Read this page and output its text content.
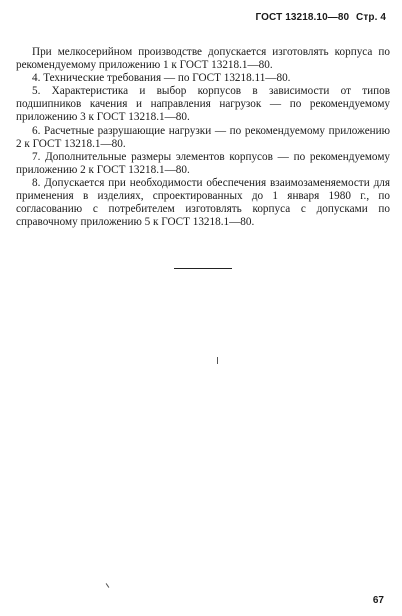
ГОСТ 13218.10—80 Стр. 4

При мелкосерийном производстве допускается изготовлять корпуса по рекомендуемому приложению 1 к ГОСТ 13218.1—80.

4. Технические требования — по ГОСТ 13218.11—80.

5. Характеристика и выбор корпусов в зависимости от типов подшипников качения и направления нагрузок — по рекомендуемому приложению 3 к ГОСТ 13218.1—80.

6. Расчетные разрушающие нагрузки — по рекомендуемому приложению 2 к ГОСТ 13218.1—80.

7. Дополнительные размеры элементов корпусов — по рекомендуемому приложению 2 к ГОСТ 13218.1—80.

8. Допускается при необходимости обеспечения взаимозаменяемости для применения в изделиях, спроектированных до 1 января 1980 г., по согласованию с потребителем изготовлять корпуса с допусками по справочному приложению 5 к ГОСТ 13218.1—80.

67
